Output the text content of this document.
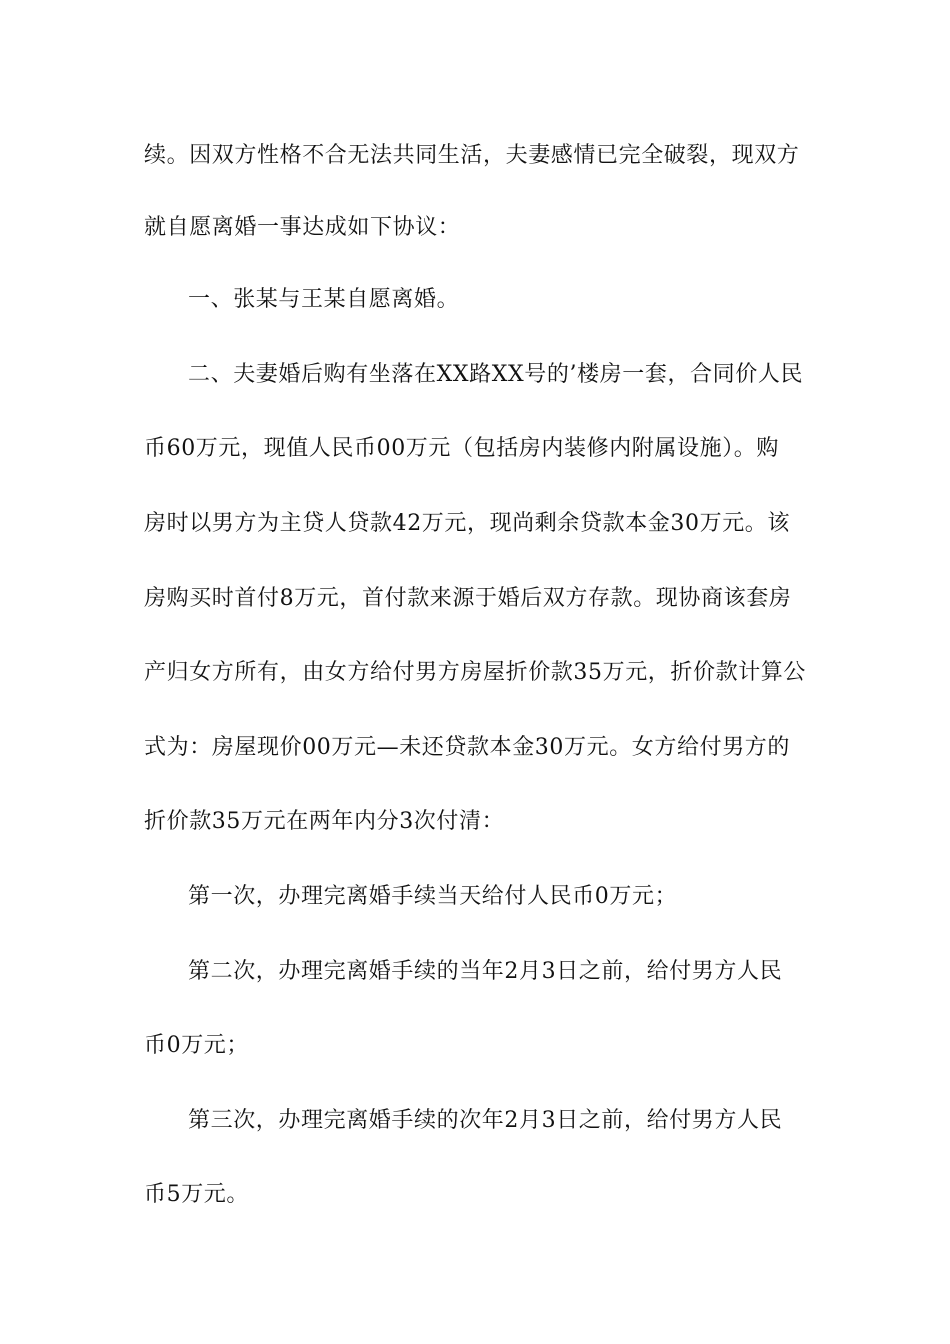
续。因双方性格不合无法共同生活，夫妻感情已完全破裂，现双方
就自愿离婚一事达成如下协议：
一、张某与王某自愿离婚。
二、夫妻婚后购有坐落在XX路XX号的’楼房一套，合同价人民
币60万元，现值人民币00万元（包括房内装修内附属设施）。购
房时以男方为主贷人贷款42万元，现尚剩余贷款本金30万元。该
房购买时首付8万元，首付款来源于婚后双方存款。现协商该套房
产归女方所有，由女方给付男方房屋折价款35万元，折价款计算公
式为：房屋现价00万元—未还贷款本金30万元。女方给付男方的
折价款35万元在两年内分3次付清：
第一次，办理完离婚手续当天给付人民币0万元；
第二次，办理完离婚手续的当年2月3日之前，给付男方人民
币0万元；
第三次，办理完离婚手续的次年2月3日之前，给付男方人民
币5万元。
